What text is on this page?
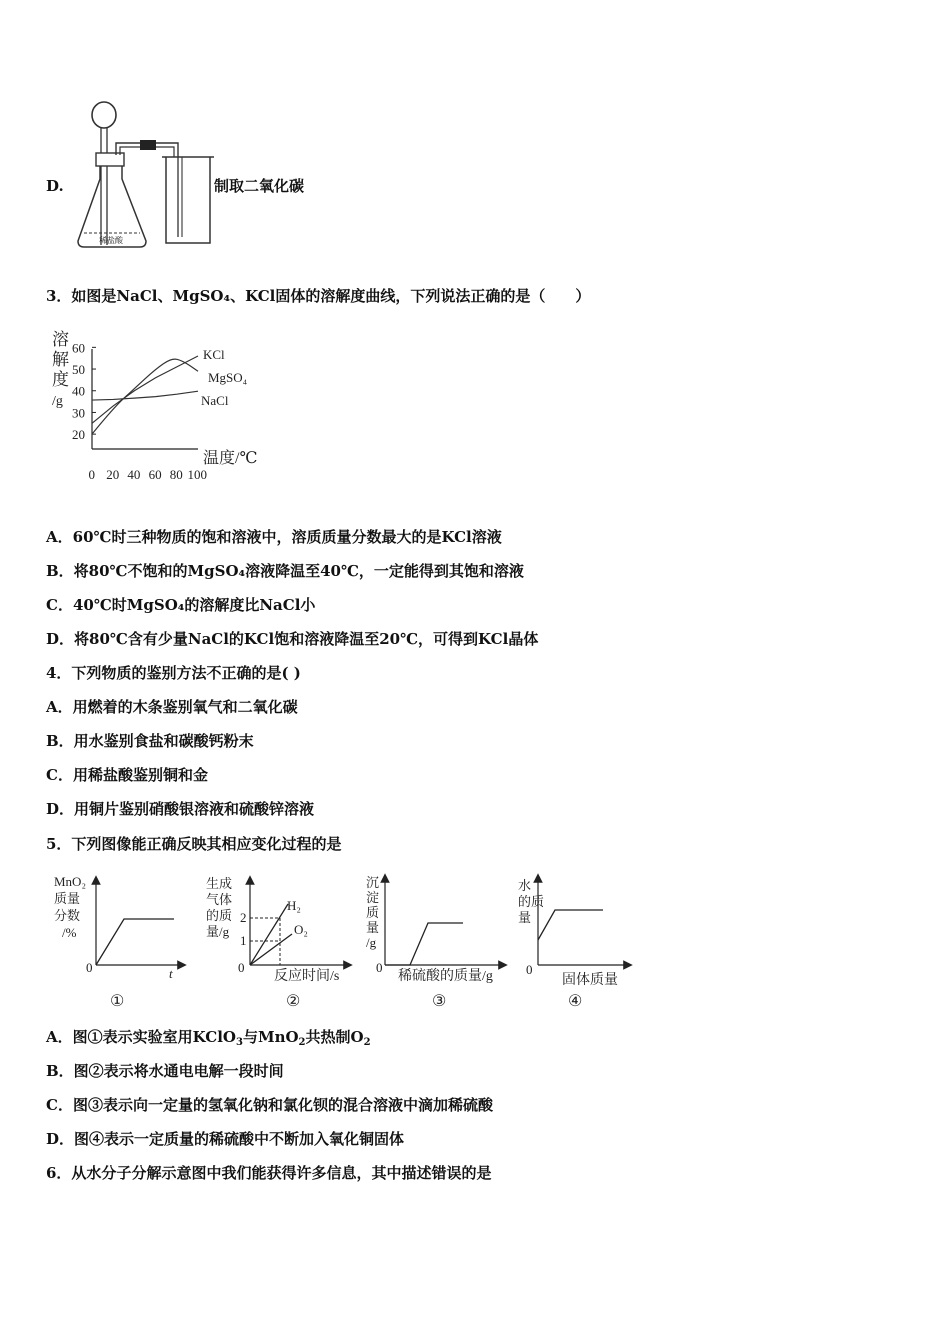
D.
稀盐酸
制取二氧化碳
3．如图是NaCl、MgSO₄、KCl固体的溶解度曲线，下列说法正确的是（　　）
溶
解
度
/g
20
30
40
50
60
0 20 40 60 80 100
KCl
MgSO₄
NaCl
温度/℃
A．60℃时三种物质的饱和溶液中，溶质质量分数最大的是KCl溶液
B．将80℃不饱和的MgSO₄溶液降温至40℃，一定能得到其饱和溶液
C．40℃时MgSO₄的溶解度比NaCl小
D．将80℃含有少量NaCl的KCl饱和溶液降温至20℃，可得到KCl晶体
4．下列物质的鉴别方法不正确的是( )
A．用燃着的木条鉴别氧气和二氧化碳
B．用水鉴别食盐和碳酸钙粉末
C．用稀盐酸鉴别铜和金
D．用铜片鉴别硝酸银溶液和硫酸锌溶液
5．下列图像能正确反映其相应变化过程的是
MnO₂
质量
分数
/%
0	t
①
生成
气体
的质
量/g
2
1
H₂
O₂
0
反应时间/s
②
沉
淀
质
量
/g
0
稀硫酸的质量/g
③
水
的质
量
0
固体质量
④
A．图①表示实验室用KClO$_3$与MnO$_2$共热制$O_2$
B．图②表示将水通电电解一段时间
C．图③表示向一定量的氢氧化钠和氯化钡的混合溶液中滴加稀硫酸
D．图④表示一定质量的稀硫酸中不断加入氧化铜固体
6．从水分子分解示意图中我们能获得许多信息，其中描述错误的是
